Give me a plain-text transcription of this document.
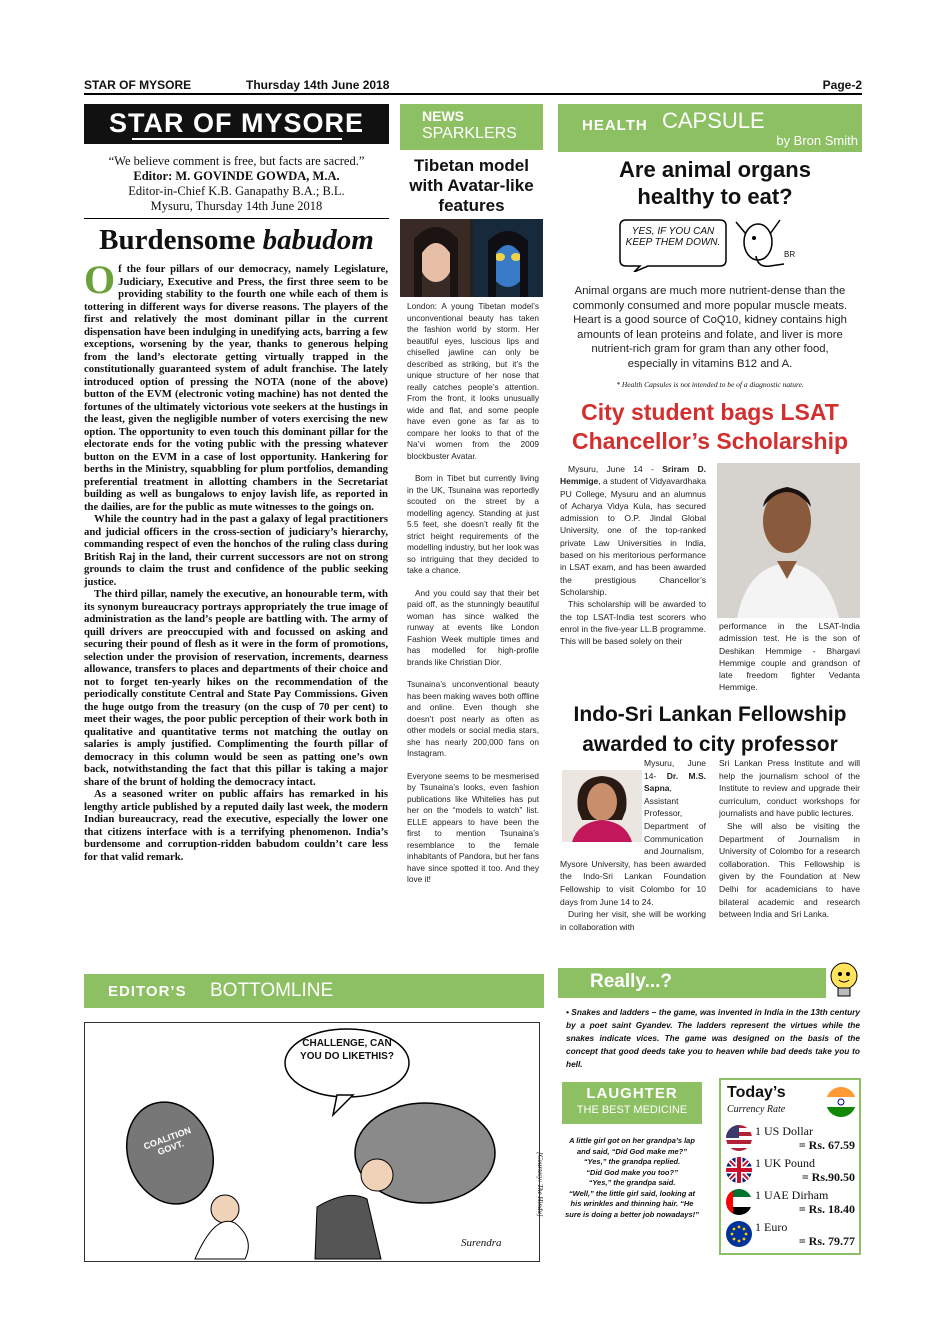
STAR OF MYSORE	Thursday 14th June 2018	Page-2
STAR OF MYSORE
“We believe comment is free, but facts are sacred.”
Editor: M. GOVINDE GOWDA, M.A.
Editor-in-Chief K.B. Ganapathy B.A.; B.L.
Mysuru, Thursday 14th June 2018
Burdensome babudom

Of the four pillars of our democracy, namely Legislature, Judiciary, Executive and Press, the first three seem to be providing stability to the fourth one while each of them is tottering in different ways for diverse reasons. The players of the first and relatively the most dominant pillar in the current dispensation have been indulging in unedifying acts, barring a few exceptions, worsening by the year, thanks to generous helping from the land’s electorate getting virtually trapped in the constitutionally guaranteed system of adult franchise. The lately introduced option of pressing the NOTA (none of the above) button of the EVM (electronic voting machine) has not dented the fortunes of the ultimately victorious vote seekers at the hustings in the least, given the negligible number of voters exercising the new option. The opportunity to even touch this dominant pillar for the electorate ends for the voting public with the pressing whatever button on the EVM in a case of lost opportunity. Hankering for berths in the Ministry, squabbling for plum portfolios, demanding preferential treatment in allotting chambers in the Secretariat building as well as bungalows to enjoy lavish life, as reported in the dailies, are for the public as mute witnesses to the goings on.

While the country had in the past a galaxy of legal practitioners and judicial officers in the cross-section of judiciary’s hierarchy, commanding respect of even the honchos of the ruling class during British Raj in the land, their current successors are not on strong grounds to claim the trust and confidence of the public seeking justice.

The third pillar, namely the executive, an honourable term, with its synonym bureaucracy portrays appropriately the true image of administration as the land’s people are battling with. The army of quill drivers are preoccupied with and focussed on asking and securing their pound of flesh as it were in the form of promotions, selection under the provision of reservation, increments, dearness allowance, transfers to places and departments of their choice and not to forget ten-yearly hikes on the recommendation of the periodically constitute Central and State Pay Commissions. Given the huge outgo from the treasury (on the cusp of 70 per cent) to meet their wages, the poor public perception of their work both in qualitative and quantitative terms not matching the outlay on salaries is amply justified. Complimenting the fourth pillar of democracy in this column would be seen as patting one’s own back, notwithstanding the fact that this pillar is taking a major share of the brunt of holding the democracy intact.

As a seasoned writer on public affairs has remarked in his lengthy article published by a reputed daily last week, the modern Indian bureaucracy, read the executive, especially the lower one that citizens interface with is a terrifying phenomenon. India’s burdensome and corruption-ridden babudom couldn’t care less for that valid remark.

NEWS
SPARKLERS
Tibetan model with Avatar-like features

London: A young Tibetan model’s unconventional beauty has taken the fashion world by storm. Her beautiful eyes, luscious lips and chiselled jawline can only be described as striking, but it’s the unique structure of her nose that really catches people’s attention. From the front, it looks unusually wide and flat, and some people have even gone as far as to compare her looks to that of the Na’vi women from the 2009 blockbuster Avatar.

Born in Tibet but currently living in the UK, Tsunaina was reportedly scouted on the street by a modelling agency. Standing at just 5.5 feet, she doesn’t really fit the strict height requirements of the modelling industry, but her look was so intriguing that they decided to take a chance.

And you could say that their bet paid off, as the stunningly beautiful woman has since walked the runway at events like London Fashion Week multiple times and has modelled for high-profile brands like Christian Dior.

Tsunaina’s unconventional beauty has been making waves both offline and online. Even though she doesn’t post nearly as often as other models or social media stars, she has nearly 200,000 fans on Instagram.

Everyone seems to be mesmerised by Tsunaina’s looks, even fashion publications like Whitelies has put her on the “models to watch” list. ELLE appears to have been the first to mention Tsunaina’s resemblance to the female inhabitants of Pandora, but her fans have since spotted it too. And they love it!

HEALTH CAPSULE
by Bron Smith
Are animal organs healthy to eat?
YES, IF YOU CAN KEEP THEM DOWN.
BR
Animal organs are much more nutrient-dense than the commonly consumed and more popular muscle meats. Heart is a good source of CoQ10, kidney contains high amounts of lean proteins and folate, and liver is more nutrient-rich gram for gram than any other food, especially in vitamins B12 and A.
* Health Capsules is not intended to be of a diagnostic nature.
City student bags LSAT
Chancellor’s Scholarship

Mysuru, June 14 - Sriram D. Hemmige, a student of Vidyavardhaka PU College, Mysuru and an alumnus of Acharya Vidya Kula, has secured admission to O.P. Jindal Global University, one of the top-ranked private Law Universities in India, based on his meritorious performance in LSAT exam, and has been awarded the prestigious Chancellor’s Scholarship.

This scholarship will be awarded to the top LSAT-India test scorers who enrol in the five-year LL.B programme. This will be based solely on their

performance in the LSAT-India admission test. He is the son of Deshikan Hemmige - Bhargavi Hemmige couple and grandson of late freedom fighter Vedanta Hemmige.
Indo-Sri Lankan Fellowship
awarded to city professor

Mysuru, June 14- Dr. M.S. Sapna, Assistant Professor, Department of Communication and Journalism,

Mysore University, has been awarded the Indo-Sri Lankan Foundation Fellowship to visit Colombo for 10 days from June 14 to 24.

During her visit, she will be working in collaboration with

Sri Lankan Press Institute and will help the journalism school of the Institute to review and upgrade their curriculum, conduct workshops for journalists and have public lectures.

She will also be visiting the Department of Journalism in University of Colombo for a research collaboration. This Fellowship is given by the Foundation at New Delhi for academicians to have bilateral academic and research between India and Sri Lanka.

EDITOR’S BOTTOMLINE
CHALLENGE, CAN YOU DO LIKETHIS?
COALITION GOVT.
Surendra
[Courtesy: The Hindu]
Really...?
• Snakes and ladders – the game, was invented in India in the 13th century by a poet saint Gyandev. The ladders represent the virtues while the snakes indicate vices. The game was designed on the basis of the concept that good deeds take you to heaven while bad deeds take you to hell.
LAUGHTER
THE BEST MEDICINE

A little girl got on her grandpa’s lap and said, “Did God make me?”

“Yes,” the grandpa replied.

“Did God make you too?”

“Yes,” the grandpa said.

“Well,” the little girl said, looking at his wrinkles and thinning hair. “He sure is doing a better job nowadays!”

Today’s
Currency Rate
1 US Dollar
= Rs. 67.59
1 UK Pound
= Rs.90.50
1 UAE Dirham
= Rs. 18.40
1 Euro
= Rs. 79.77
